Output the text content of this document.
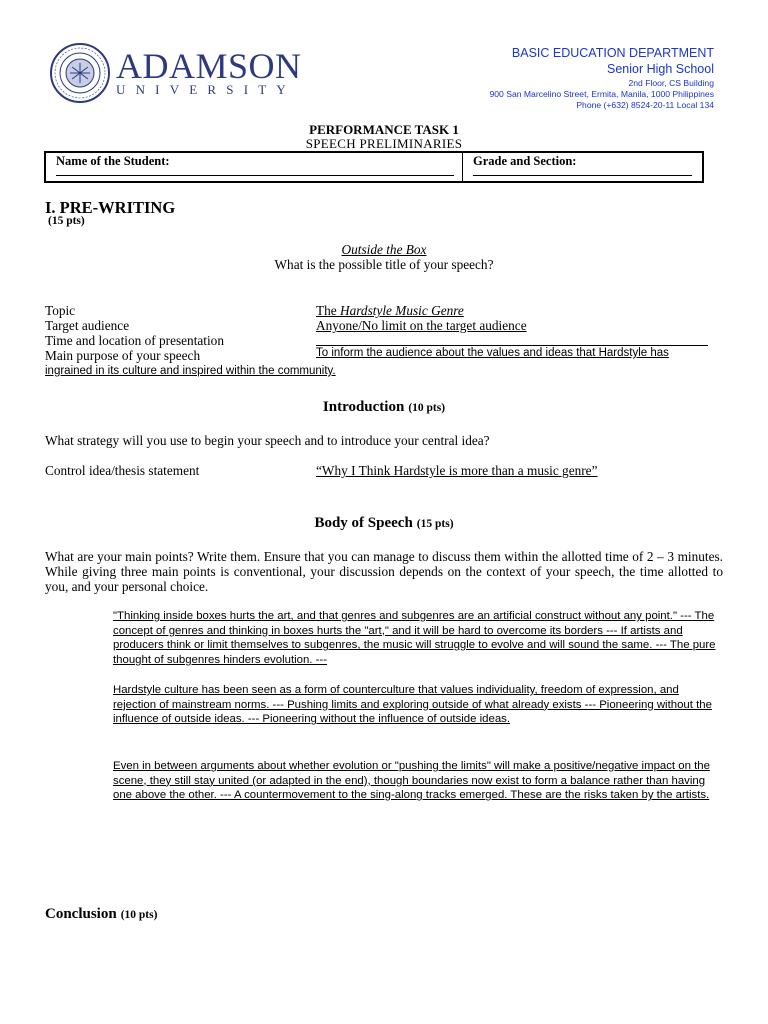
ADAMSON
UNIVERSITY
BASIC EDUCATION DEPARTMENT
Senior High School
2nd Floor, CS Building
900 San Marcelino Street, Ermita, Manila, 1000 Philippines
Phone (+632) 8524-20-11 Local 134
PERFORMANCE TASK 1
SPEECH PRELIMINARIES
Name of the Student:	Grade and Section:
I. PRE-WRITING
(15 pts)
Outside the Box
What is the possible title of your speech?
Topic	The Hardstyle Music Genre
Target audience	Anyone/No limit on the target audience
Time and location of presentation
Main purpose of your speech	To inform the audience about the values and ideas that Hardstyle has
ingrained in its culture and inspired within the community.
Introduction (10 pts)
What strategy will you use to begin your speech and to introduce your central idea?
Control idea/thesis statement	“Why I Think Hardstyle is more than a music genre”
Body of Speech (15 pts)
What are your main points? Write them. Ensure that you can manage to discuss them within the allotted time of 2 – 3 minutes. While giving three main points is conventional, your discussion depends on the context of your speech, the time allotted to you, and your personal choice.
"Thinking inside boxes hurts the art, and that genres and subgenres are an artificial construct without any point." --- The concept of genres and thinking in boxes hurts the "art," and it will be hard to overcome its borders --- If artists and producers think or limit themselves to subgenres, the music will struggle to evolve and will sound the same. --- The pure thought of subgenres hinders evolution. ---
Hardstyle culture has been seen as a form of counterculture that values individuality, freedom of expression, and rejection of mainstream norms. --- Pushing limits and exploring outside of what already exists --- Pioneering without the influence of outside ideas. --- Pioneering without the influence of outside ideas.
Even in between arguments about whether evolution or "pushing the limits" will make a positive/negative impact on the scene, they still stay united (or adapted in the end), though boundaries now exist to form a balance rather than having one above the other. --- A countermovement to the sing-along tracks emerged. These are the risks taken by the artists.
Conclusion (10 pts)
